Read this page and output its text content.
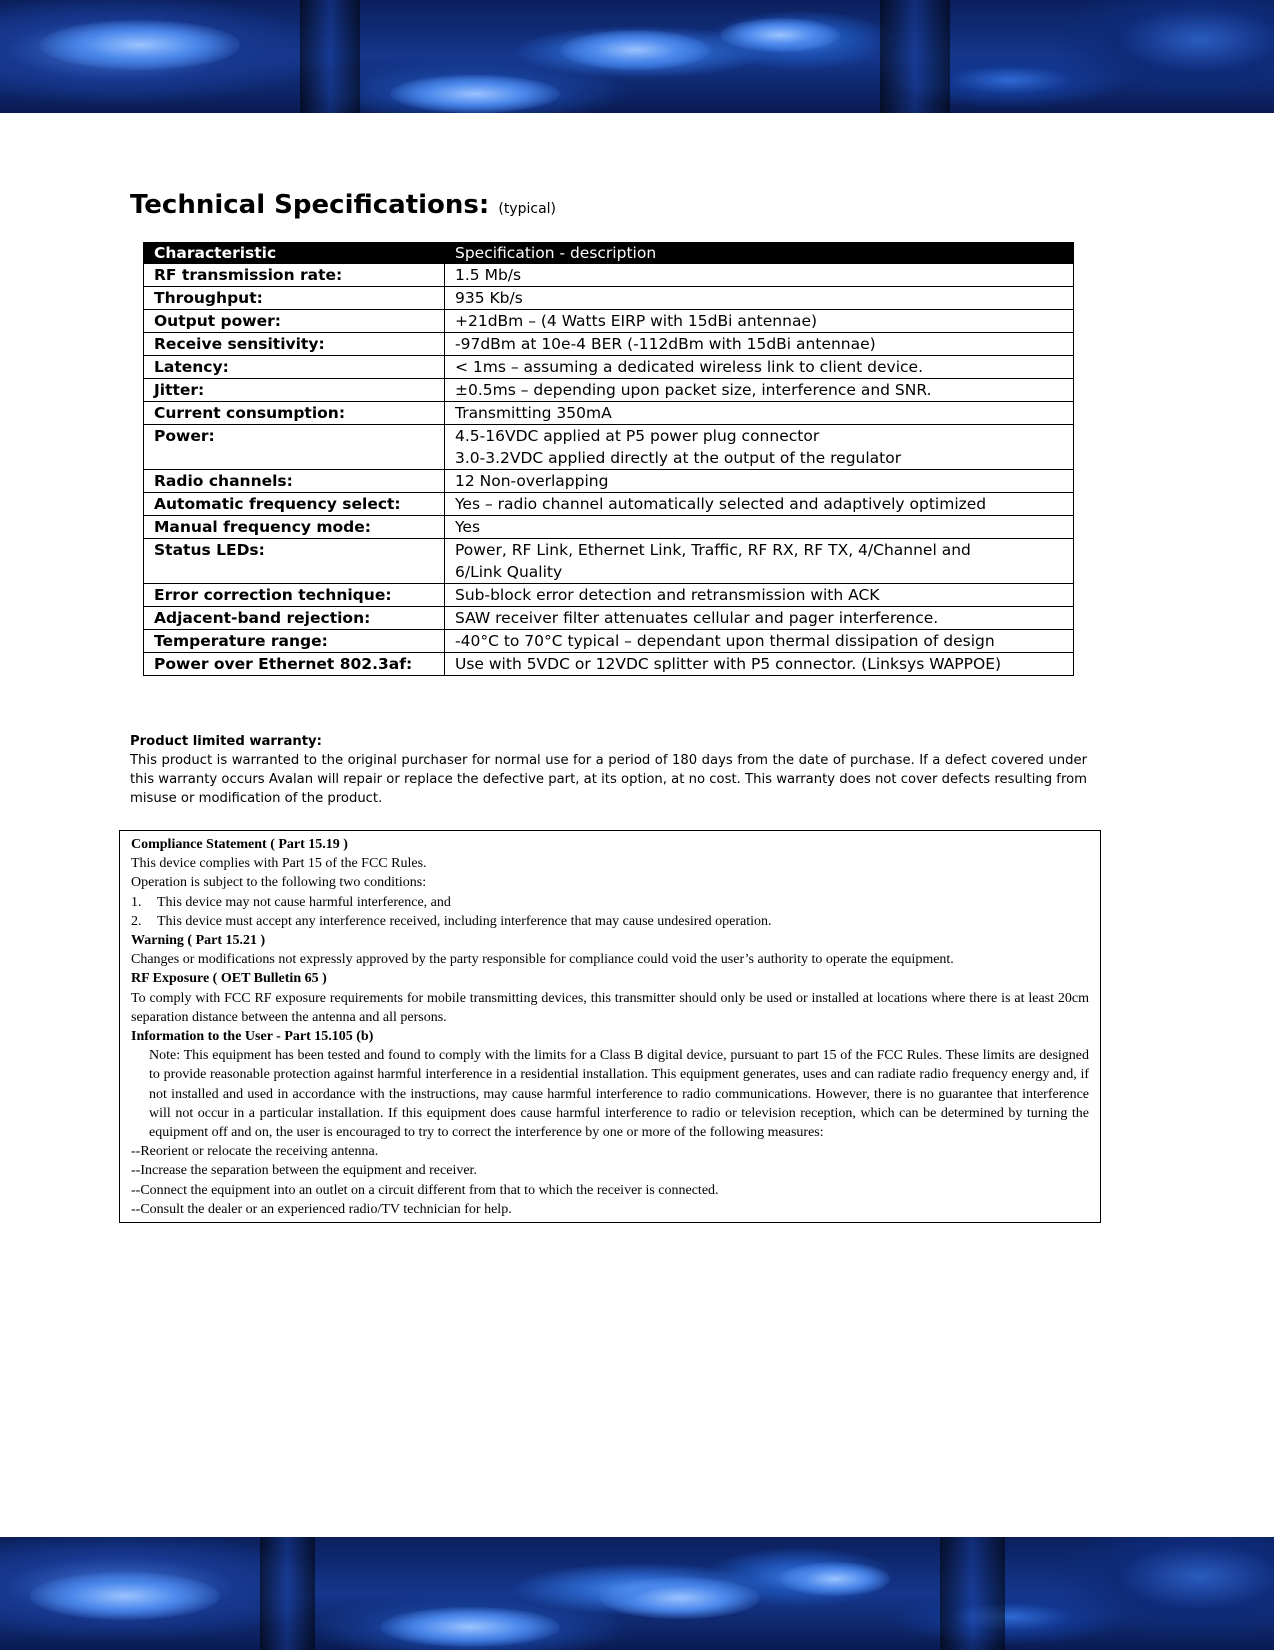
Technical Specifications: (typical)
Characteristic	Specification - description
RF transmission rate:	1.5 Mb/s

Throughput:	935 Kb/s

Output power:	+21dBm – (4 Watts EIRP with 15dBi antennae)

Receive sensitivity:	-97dBm at 10e-4 BER (-112dBm with 15dBi antennae)

Latency:	< 1ms – assuming a dedicated wireless link to client device.

Jitter:	±0.5ms – depending upon packet size, interference and SNR.

Current consumption:	Transmitting 350mA

Power:	4.5-16VDC applied at P5 power plug connector
3.0-3.2VDC applied directly at the output of the regulator

Radio channels:	12 Non-overlapping

Automatic frequency select:	Yes – radio channel automatically selected and adaptively optimized

Manual frequency mode:	Yes

Status LEDs:	Power, RF Link, Ethernet Link, Traffic, RF RX, RF TX, 4/Channel and
6/Link Quality

Error correction technique:	Sub-block error detection and retransmission with ACK

Adjacent-band rejection:	SAW receiver filter attenuates cellular and pager interference.

Temperature range:	-40°C to 70°C typical – dependant upon thermal dissipation of design

Power over Ethernet 802.3af:	Use with 5VDC or 12VDC splitter with P5 connector. (Linksys WAPPOE)
Product limited warranty:
This product is warranted to the original purchaser for normal use for a period of 180 days from the date of purchase. If a defect covered under this warranty occurs Avalan will repair or replace the defective part, at its option, at no cost. This warranty does not cover defects resulting from misuse or modification of the product.
Compliance Statement ( Part 15.19 )
This device complies with Part 15 of the FCC Rules.
Operation is subject to the following two conditions:
1. This device may not cause harmful interference, and
2. This device must accept any interference received, including interference that may cause undesired operation.
Warning ( Part 15.21 )
Changes or modifications not expressly approved by the party responsible for compliance could void the user’s authority to operate the equipment.
RF Exposure ( OET Bulletin 65 )
To comply with FCC RF exposure requirements for mobile transmitting devices, this transmitter should only be used or installed at locations where there is at least 20cm separation distance between the antenna and all persons.
Information to the User - Part 15.105 (b)
Note: This equipment has been tested and found to comply with the limits for a Class B digital device, pursuant to part 15 of the FCC Rules. These limits are designed to provide reasonable protection against harmful interference in a residential installation. This equipment generates, uses and can radiate radio frequency energy and, if not installed and used in accordance with the instructions, may cause harmful interference to radio communications. However, there is no guarantee that interference will not occur in a particular installation. If this equipment does cause harmful interference to radio or television reception, which can be determined by turning the equipment off and on, the user is encouraged to try to correct the interference by one or more of the following measures:
--Reorient or relocate the receiving antenna.
--Increase the separation between the equipment and receiver.
--Connect the equipment into an outlet on a circuit different from that to which the receiver is connected.
--Consult the dealer or an experienced radio/TV technician for help.
